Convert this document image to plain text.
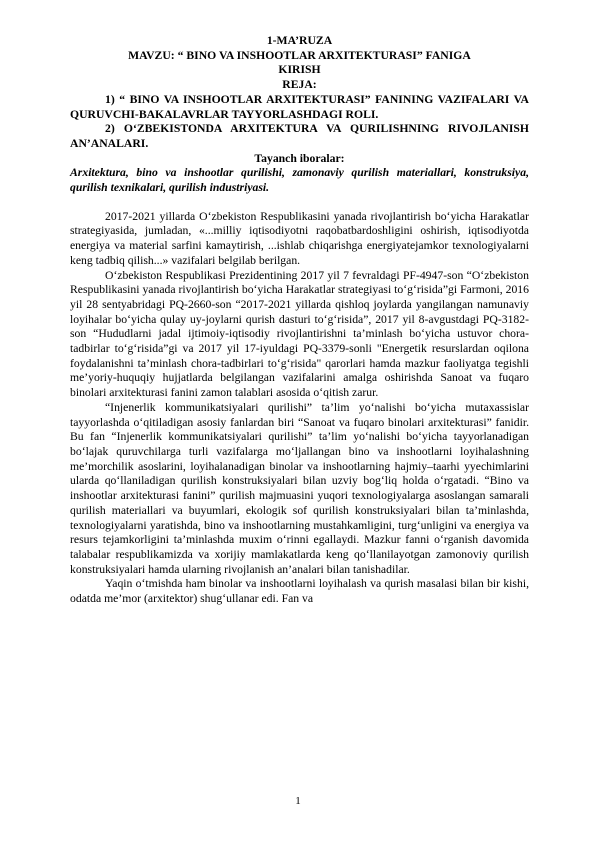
1-MA’RUZA

MAVZU: “ BINO VA INSHOOTLAR ARXITEKTURASI” FANIGA

KIRISH

REJA:

1) “ BINO VA INSHOOTLAR ARXITEKTURASI” FANINING VAZIFALARI VA QURUVCHI-BAKALAVRLAR TAYYORLASHDAGI ROLI.

2) O‘ZBEKISTONDA ARXITEKTURA VA QURILISHNING RIVOJLANISH AN’ANALARI.

Tayanch iboralar:

Arxitektura, bino va inshootlar qurilishi, zamonaviy qurilish materiallari, konstruksiya, qurilish texnikalari, qurilish industriyasi.

2017-2021 yillarda O‘zbekiston Respublikasini yanada rivojlantirish bo‘yicha Harakatlar strategiyasida, jumladan, «...milliy iqtisodiyotni raqobatbardoshligini oshirish, iqtisodiyotda energiya va material sarfini kamaytirish, ...ishlab chiqarishga energiyatejamkor texnologiyalarni keng tadbiq qilish...» vazifalari belgilab berilgan.

O‘zbekiston Respublikasi Prezidentining 2017 yil 7 fevraldagi PF-4947-son “O‘zbekiston Respublikasini yanada rivojlantirish bo‘yicha Harakatlar strategiyasi to‘g‘risida”gi Farmoni, 2016 yil 28 sentyabridagi PQ-2660-son “2017-2021 yillarda qishloq joylarda yangilangan namunaviy loyihalar bo‘yicha qulay uy-joylarni qurish dasturi to‘g‘risida”, 2017 yil 8-avgustdagi PQ-3182-son “Hududlarni jadal ijtimoiy-iqtisodiy rivojlantirishni ta’minlash bo‘yicha ustuvor chora-tadbirlar to‘g‘risida”gi va 2017 yil 17-iyuldagi PQ-3379-sonli "Energetik resurslardan oqilona foydalanishni ta’minlash chora-tadbirlari to‘g‘risida" qarorlari hamda mazkur faoliyatga tegishli me’yoriy-huquqiy hujjatlarda belgilangan vazifalarini amalga oshirishda Sanoat va fuqaro binolari arxitekturasi fanini zamon talablari asosida o‘qitish zarur.

“Injenerlik kommunikatsiyalari qurilishi” ta’lim yo‘nalishi bo‘yicha mutaxassislar tayyorlashda o‘qitiladigan asosiy fanlardan biri “Sanoat va fuqaro binolari arxitekturasi” fanidir. Bu fan “Injenerlik kommunikatsiyalari qurilishi” ta’lim yo‘nalishi bo‘yicha tayyorlanadigan bo‘lajak quruvchilarga turli vazifalarga mo‘ljallangan bino va inshootlarni loyihalashning me’morchilik asoslarini, loyihalanadigan binolar va inshootlarning hajmiy–taarhi yyechimlarini ularda qo‘llaniladigan qurilish konstruksiyalari bilan uzviy bog‘liq holda o‘rgatadi. “Bino va inshootlar arxitekturasi fanini” qurilish majmuasini yuqori texnologiyalarga asoslangan samarali qurilish materiallari va buyumlari, ekologik sof qurilish konstruksiyalari bilan ta’minlashda, texnologiyalarni yaratishda, bino va inshootlarning mustahkamligini, turg‘unligini va energiya va resurs tejamkorligini ta’minlashda muxim o‘rinni egallaydi. Mazkur fanni o‘rganish davomida talabalar respublikamizda va xorijiy mamlakatlarda keng qo‘llanilayotgan zamonoviy qurilish konstruksiyalari hamda ularning rivojlanish an’analari bilan tanishadilar.

Yaqin o‘tmishda ham binolar va inshootlarni loyihalash va qurish masalasi bilan bir kishi, odatda me’mor (arxitektor) shug‘ullanar edi. Fan va

1
